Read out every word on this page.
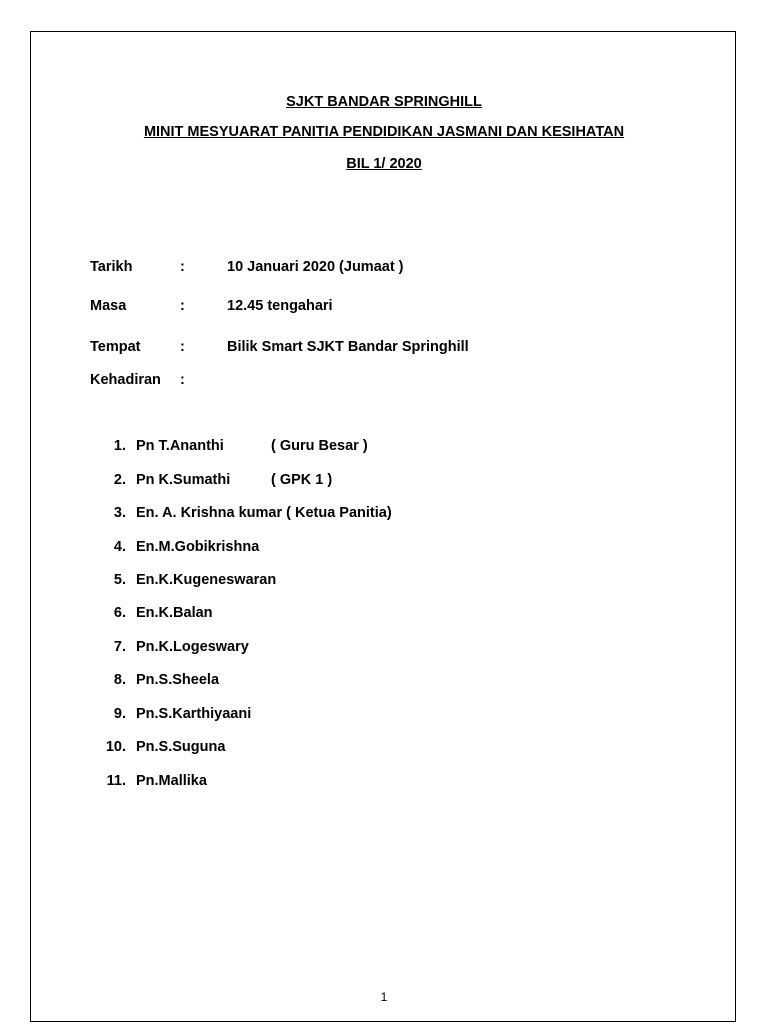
SJKT BANDAR SPRINGHILL
MINIT MESYUARAT PANITIA PENDIDIKAN JASMANI DAN KESIHATAN
BIL 1/ 2020
Tarikh	:	10 Januari 2020 (Jumaat )
Masa	:	12.45 tengahari
Tempat	:	Bilik Smart SJKT Bandar Springhill
Kehadiran :
1. Pn T.Ananthi	( Guru Besar )
2. Pn K.Sumathi	( GPK 1 )
3. En. A. Krishna kumar ( Ketua Panitia)
4. En.M.Gobikrishna
5. En.K.Kugeneswaran
6. En.K.Balan
7. Pn.K.Logeswary
8. Pn.S.Sheela
9. Pn.S.Karthiyaani
10. Pn.S.Suguna
11. Pn.Mallika
1
